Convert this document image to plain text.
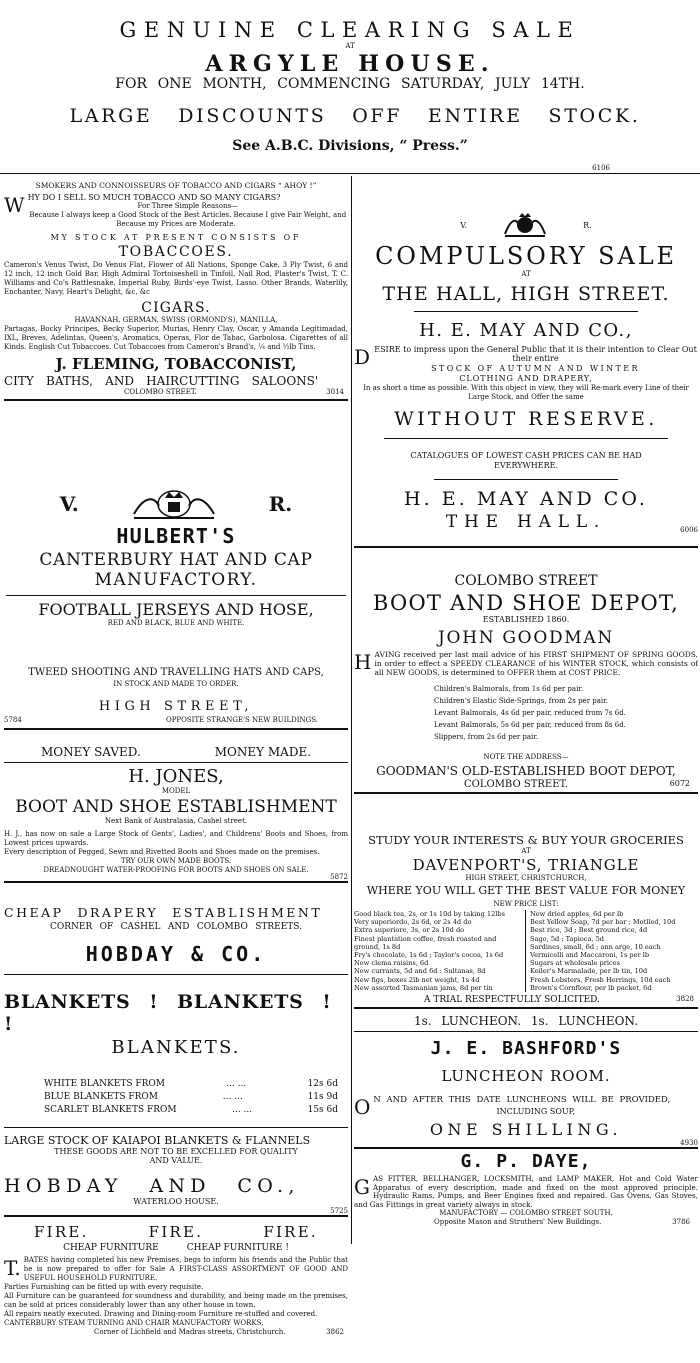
GENUINE CLEARING SALE
AT
ARGYLE HOUSE.
FOR ONE MONTH, COMMENCING SATURDAY, JULY 14TH.
LARGE DISCOUNTS OFF ENTIRE STOCK.
See A.B.C. Divisions, “ Press.”
6106
SMOKERS AND CONNOISSEURS OF TOBACCO AND CIGARS “ AHOY !”
W HY DO I SELL SO MUCH TOBACCO AND SO MANY CIGARS?
For Three Simple Reasons—
Because I always keep a Good Stock of the Best Articles. Because I give Fair Weight, and Because my Prices are Moderate.
MY STOCK AT PRESENT CONSISTS OF
TOBACCOES.
Cameron's Venus Twist, Do Venus Flat, Flower of All Nations, Sponge Cake, 3 Ply Twist, 6 and 12 inch, 12 inch Gold Bar, High Admiral Tortoiseshell in Tinfoil, Nail Rod, Plaster's Twist, T. C. Williams and Co's Rattlesnake, Imperial Ruby, Birds'-eye Twist, Lasso. Other Brands, Waterlily, Enchanter, Navy, Heart's Delight, &c, &c
CIGARS.
HAVANNAH, GERMAN, SWISS (ORMOND'S), MANILLA,
Partagas, Bocky Principes, Becky Superior, Murias, Henry Clay, Oscar, y Amanda Legitimadad, IXL, Breves, Adelintas, Queen's, Aromatics, Operas, Flor de Tabac, Garbolosa. Cigarettes of all Kinds. English Cut Tobaccoes. Cut Tobaccoes from Cameron's Brand's, ¼ and ½lb Tins.
J. FLEMING, TOBACCONIST,
CITY BATHS, AND HAIRCUTTING SALOONS'
COLOMBO STREET.	3014
V.	R.
HULBERT'S
CANTERBURY HAT AND CAP
MANUFACTORY.
FOOTBALL JERSEYS AND HOSE,
RED AND BLACK, BLUE AND WHITE.
TWEED SHOOTING AND TRAVELLING HATS AND CAPS,
IN STOCK AND MADE TO ORDER.
HIGH STREET,
5784	OPPOSITE STRANGE'S NEW BUILDINGS.
MONEY SAVED.	MONEY MADE.
H. JONES,
MODEL
BOOT AND SHOE ESTABLISHMENT
Next Bank of Australasia, Cashel street.
H. J., has now on sale a Large Stock of Gents', Ladies', and Childrens' Boots and Shoes, from Lowest prices upwards.
Every description of Pegged, Sewn and Rivetted Boots and Shoes made on the premises.
TRY OUR OWN MADE BOOTS.
DREADNOUGHT WATER-PROOFING FOR BOOTS AND SHOES ON SALE.
5872
CHEAP DRAPERY ESTABLISHMENT
CORNER OF CASHEL AND COLOMBO STREETS.
HOBDAY & CO.
BLANKETS ! BLANKETS ! !
BLANKETS.
WHITE BLANKETS FROM	... ...	12s 6d
BLUE BLANKETS FROM	... ...	11s 9d
SCARLET BLANKETS FROM	... ...	15s 6d
LARGE STOCK OF KAIAPOI BLANKETS & FLANNELS
THESE GOODS ARE NOT TO BE EXCELLED FOR QUALITY
AND VALUE.
HOBDAY AND CO.,
WATERLOO HOUSE.
5725
FIRE.	FIRE.	FIRE.
CHEAP FURNITURE	CHEAP FURNITURE !
T. BATES having completed his new Premises, begs to inform his friends and the Public that he is now prepared to offer for Sale A FIRST-CLASS ASSORTMENT OF GOOD AND USEFUL HOUSEHOLD FURNITURE.
Parties Furnishing can be fitted up with every requisite.
All Furniture can be guaranteed for soundness and durability, and being made on the premises, can be sold at prices considerably lower than any other house in town.
All repairs neatly executed. Drawing and Dining-room Furniture re-stuffed and covered.
CANTERBURY STEAM TURNING AND CHAIR MANUFACTORY WORKS,
Corner of Lichfield and Madras streets, Christchurch.	3862
V.	R.
COMPULSORY SALE
AT
THE HALL, HIGH STREET.
H. E. MAY AND CO.,
D ESIRE to impress upon the General Public that it is their intention to Clear Out their entire
STOCK OF AUTUMN AND WINTER
CLOTHING AND DRAPERY,
In as short a time as possible. With this object in view, they will Re-mark every Line of their Large Stock, and Offer the same
WITHOUT RESERVE.
CATALOGUES OF LOWEST CASH PRICES CAN BE HAD
EVERYWHERE.
H. E. MAY AND CO.
THE HALL.	6006
COLOMBO STREET
BOOT AND SHOE DEPOT,
ESTABLISHED 1860.
JOHN GOODMAN
H AVING received per last mail advice of his FIRST SHIPMENT OF SPRING GOODS, in order to effect a SPEEDY CLEARANCE of his WINTER STOCK, which consists of all NEW GOODS, is determined to OFFER them at COST PRICE.
Children's Balmorals, from 1s 6d per pair.
Children's Elastic Side-Springs, from 2s per pair.
Levant Balmorals, 4s 6d per pair, reduced from 7s 6d.
Levant Balmorals, 5s 6d per pair, reduced from 8s 6d.
Slippers, from 2s 6d per pair.
NOTE THE ADDRESS—
GOODMAN'S OLD-ESTABLISHED BOOT DEPOT,
COLOMBO STREET.	6072
STUDY YOUR INTERESTS & BUY YOUR GROCERIES
AT
DAVENPORT'S, TRIANGLE
HIGH STREET, CHRISTCHURCH,
WHERE YOU WILL GET THE BEST VALUE FOR MONEY
NEW PRICE LIST:
Good black tea, 2s, or 1s 10d by taking 12lbs
Very superiordo, 2s 6d, or 2s 4d do
Extra superiore, 3s, or 2s 10d do
Finest plantation coffee, fresh roasted and ground, 1s 8d
Fry's chocolate, 1s 6d ; Taylor's cocoa, 1s 6d
New clema raisins, 6d
New currants, 5d and 6d : Sultanas, 8d
New figs, boxes 2lb net weight, 1s 4d
New assorted Tasmanian jams, 8d per tin
New dried apples, 6d per lb
Best Yellow Soap, 7d per bar ; Motlled, 10d
Best rice, 3d ; Best ground rice, 4d
Sago, 5d ; Tapioca, 5d
Sardines, small, 6d ; ann arge, 10 each
Vermicelli and Maccaroni, 1s per lb
Sugars at wholesale prices
Keiler's Marmalade, per lb tin, 10d
Fresh Lobsters, Fresh Herrings, 10d each
Brown's Cornflour, per lb packet, 6d
A TRIAL RESPECTFULLY SOLICITED.	3828
1s. LUNCHEON. 1s. LUNCHEON.
J. E. BASHFORD'S
LUNCHEON ROOM.
O N AND AFTER THIS DATE LUNCHEONS WILL BE PROVIDED,
INCLUDING SOUP,
ONE SHILLING.
4930
G. P. DAYE,
G AS FITTER, BELLHANGER, LOCKSMITH, and LAMP MAKER, Hot and Cold Water Apparatus of every description, made and fixed on the most approved principle. Hydraulic Rams, Pumps, and Beer Engines fixed and repaired. Gas Ovens, Gas Stoves, and Gas Fittings in great variety always in stock.
MANUFACTORY — COLOMBO STREET SOUTH,
Opposite Mason and Struthers' New Buildings.	3786
